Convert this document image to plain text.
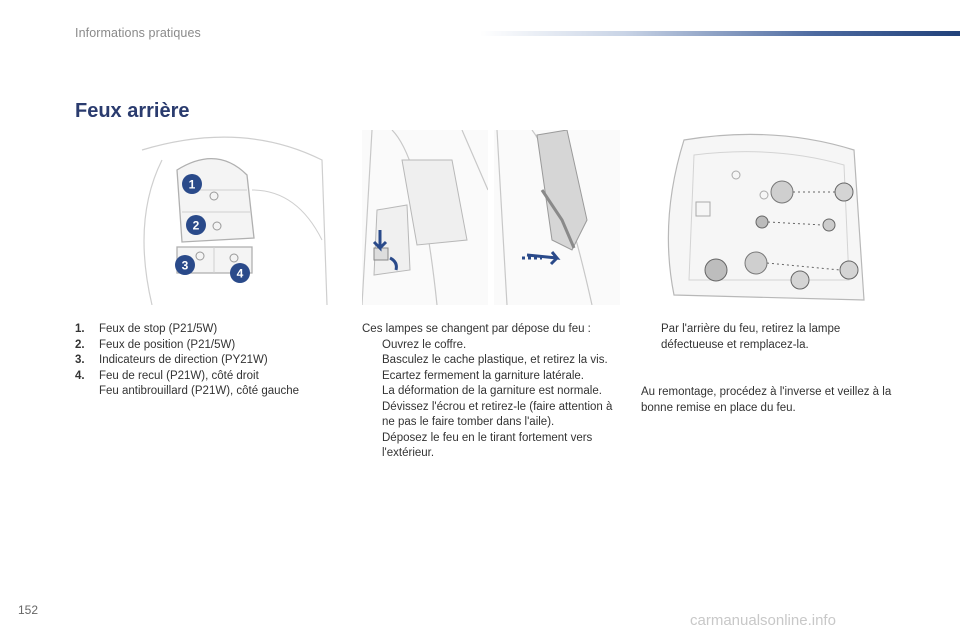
Informations pratiques
Feux arrière
1
2
3
4
1.	Feux de stop (P21/5W)
2.	Feux de position (P21/5W)
3.	Indicateurs de direction (PY21W)
4.	Feu de recul (P21W), côté droit
Feu antibrouillard (P21W), côté gauche
Ces lampes se changent par dépose du feu :
Ouvrez le coffre.
Basculez le cache plastique, et retirez la vis.
Ecartez fermement la garniture latérale.
La déformation de la garniture est normale.
Dévissez l'écrou et retirez-le (faire attention à ne pas le faire tomber dans l'aile).
Déposez le feu en le tirant fortement vers l'extérieur.
Par l'arrière du feu, retirez la lampe défectueuse et remplacez-la.
Au remontage, procédez à l'inverse et veillez à la bonne remise en place du feu.
152
carmanualsonline.info
